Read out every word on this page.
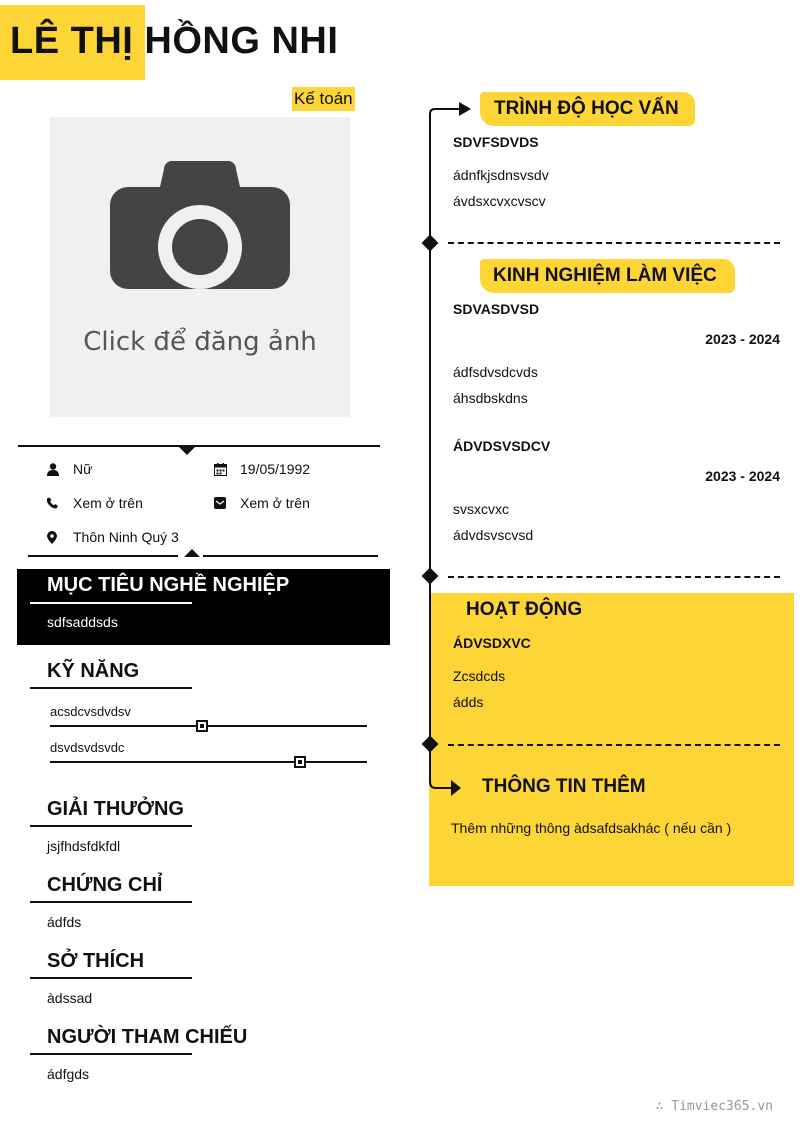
LÊ THỊ HỒNG NHI
Kế toán
Click để đăng ảnh
Nữ	19/05/1992
Xem ở trên	Xem ở trên
Thôn Ninh Quý 3
MỤC TIÊU NGHỀ NGHIỆP
sdfsaddsds
KỸ NĂNG
acsdcvsdvdsv
dsvdsvdsvdc
GIẢI THƯỞNG
jsjfhdsfdkfdl
CHỨNG CHỈ
ádfds
SỞ THÍCH
àdssad
NGƯỜI THAM CHIẾU
ádfgds
TRÌNH ĐỘ HỌC VẤN
SDVFSDVDS
ádnfkjsdnsvsdv
ávdsxcvxcvscv
KINH NGHIỆM LÀM VIỆC
SDVASDVSD
2023 - 2024
ádfsdvsdcvds
áhsdbskdns
ÁDVDSVSDCV
2023 - 2024
svsxcvxc
ádvdsvscvsd
HOẠT ĐỘNG
ÁDVSDXVC
Zcsdcds
ádds
THÔNG TIN THÊM
Thêm những thông àdsafdsakhác ( nếu cần )
∴ Timviec365.vn
